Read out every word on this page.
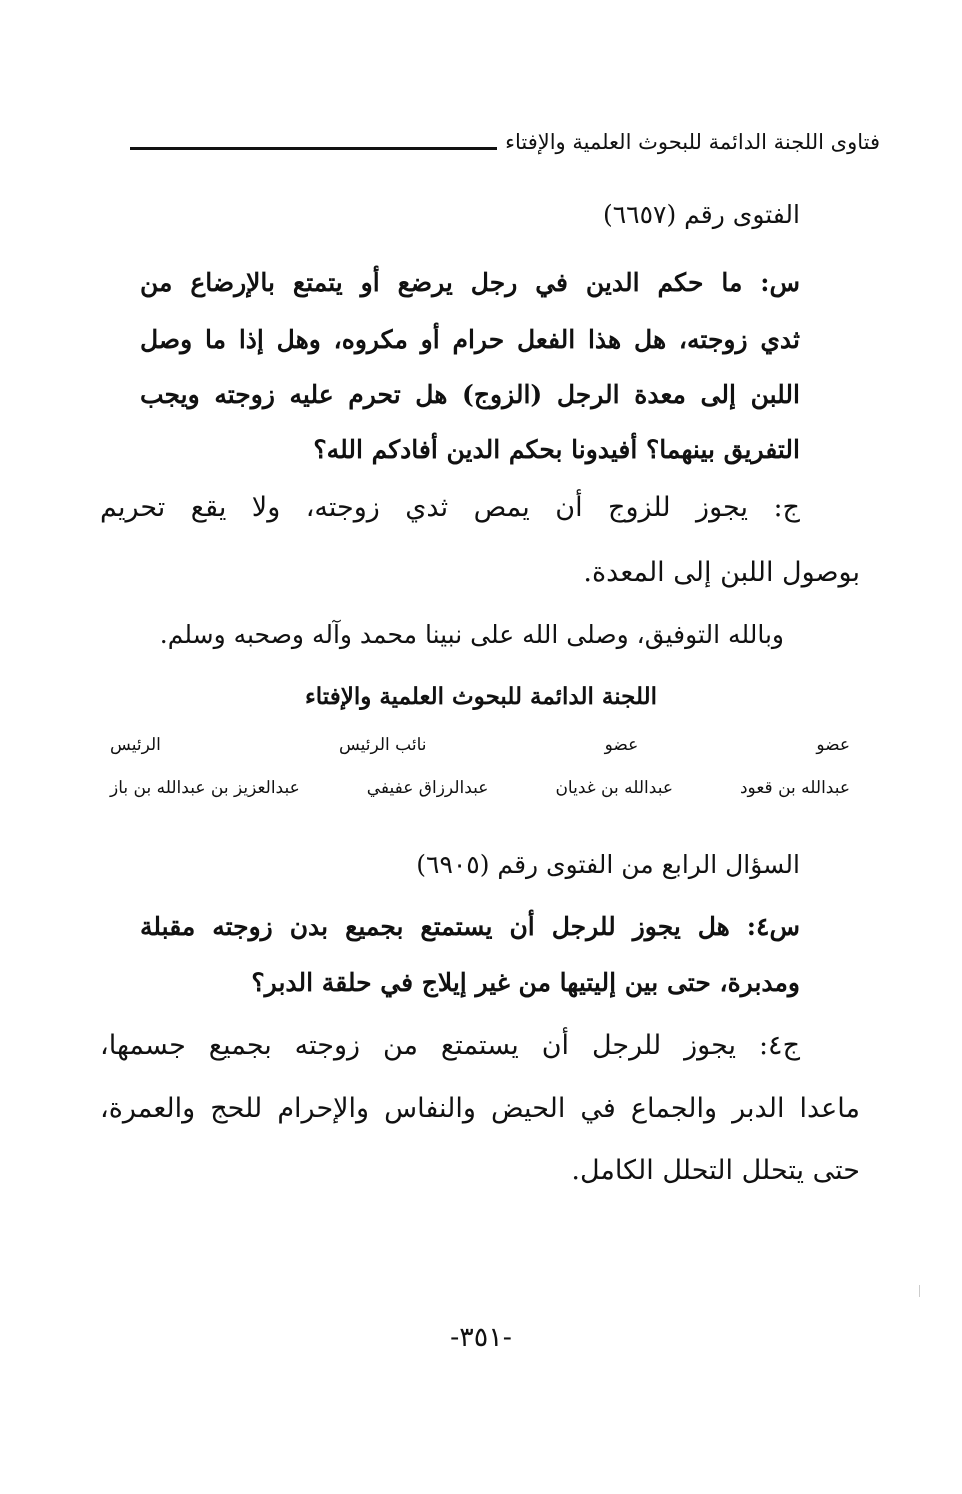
فتاوى اللجنة الدائمة للبحوث العلمية والإفتاء
الفتوى رقم (٦٦٥٧)
س: ما حكم الدين في رجل يرضع أو يتمتع بالإرضاع من
ثدي زوجته، هل هذا الفعل حرام أو مكروه، وهل إذا ما وصل
اللبن إلى معدة الرجل (الزوج) هل تحرم عليه زوجته ويجب
التفريق بينهما؟ أفيدونا بحكم الدين أفادكم الله؟
ج: يجوز للزوج أن يمص ثدي زوجته، ولا يقع تحريم
بوصول اللبن إلى المعدة.
وبالله التوفيق، وصلى الله على نبينا محمد وآله وصحبه وسلم.
اللجنة الدائمة للبحوث العلمية والإفتاء
عضو
عضو
نائب الرئيس
الرئيس
عبدالله بن قعود
عبدالله بن غديان
عبدالرزاق عفيفي
عبدالعزيز بن عبدالله بن باز
السؤال الرابع من الفتوى رقم (٦٩٠٥)
س٤: هل يجوز للرجل أن يستمتع بجميع بدن زوجته مقبلة
ومدبرة، حتى بين إليتيها من غير إيلاج في حلقة الدبر؟
ج٤: يجوز للرجل أن يستمتع من زوجته بجميع جسمها،
ماعدا الدبر والجماع في الحيض والنفاس والإحرام للحج والعمرة،
حتى يتحلل التحلل الكامل.
-٣٥١-
